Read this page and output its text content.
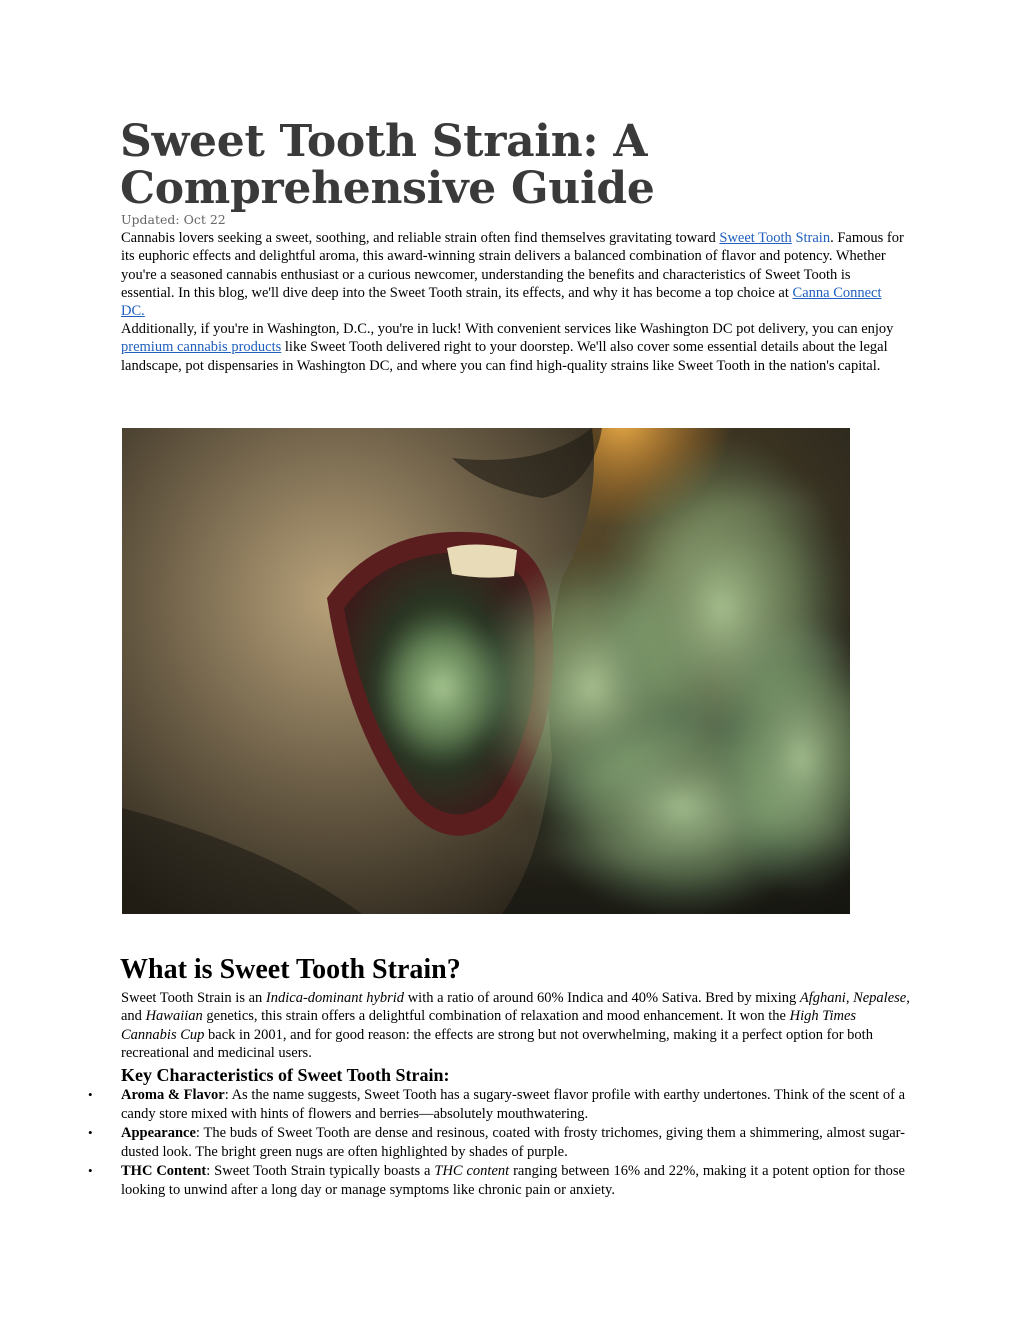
Sweet Tooth Strain: A Comprehensive Guide

Updated: Oct 22

Cannabis lovers seeking a sweet, soothing, and reliable strain often find themselves gravitating toward Sweet Tooth Strain. Famous for its euphoric effects and delightful aroma, this award-winning strain delivers a balanced combination of flavor and potency. Whether you're a seasoned cannabis enthusiast or a curious newcomer, understanding the benefits and characteristics of Sweet Tooth is essential. In this blog, we'll dive deep into the Sweet Tooth strain, its effects, and why it has become a top choice at Canna Connect DC.

Additionally, if you're in Washington, D.C., you're in luck! With convenient services like Washington DC pot delivery, you can enjoy premium cannabis products like Sweet Tooth delivered right to your doorstep. We'll also cover some essential details about the legal landscape, pot dispensaries in Washington DC, and where you can find high-quality strains like Sweet Tooth in the nation's capital.

What is Sweet Tooth Strain?

Sweet Tooth Strain is an Indica-dominant hybrid with a ratio of around 60% Indica and 40% Sativa. Bred by mixing Afghani, Nepalese, and Hawaiian genetics, this strain offers a delightful combination of relaxation and mood enhancement. It won the High Times Cannabis Cup back in 2001, and for good reason: the effects are strong but not overwhelming, making it a perfect option for both recreational and medicinal users.

Key Characteristics of Sweet Tooth Strain:
• Aroma & Flavor: As the name suggests, Sweet Tooth has a sugary-sweet flavor profile with earthy undertones. Think of the scent of a candy store mixed with hints of flowers and berries—absolutely mouthwatering.
• Appearance: The buds of Sweet Tooth are dense and resinous, coated with frosty trichomes, giving them a shimmering, almost sugar-dusted look. The bright green nugs are often highlighted by shades of purple.
• THC Content: Sweet Tooth Strain typically boasts a THC content ranging between 16% and 22%, making it a potent option for those looking to unwind after a long day or manage symptoms like chronic pain or anxiety.
